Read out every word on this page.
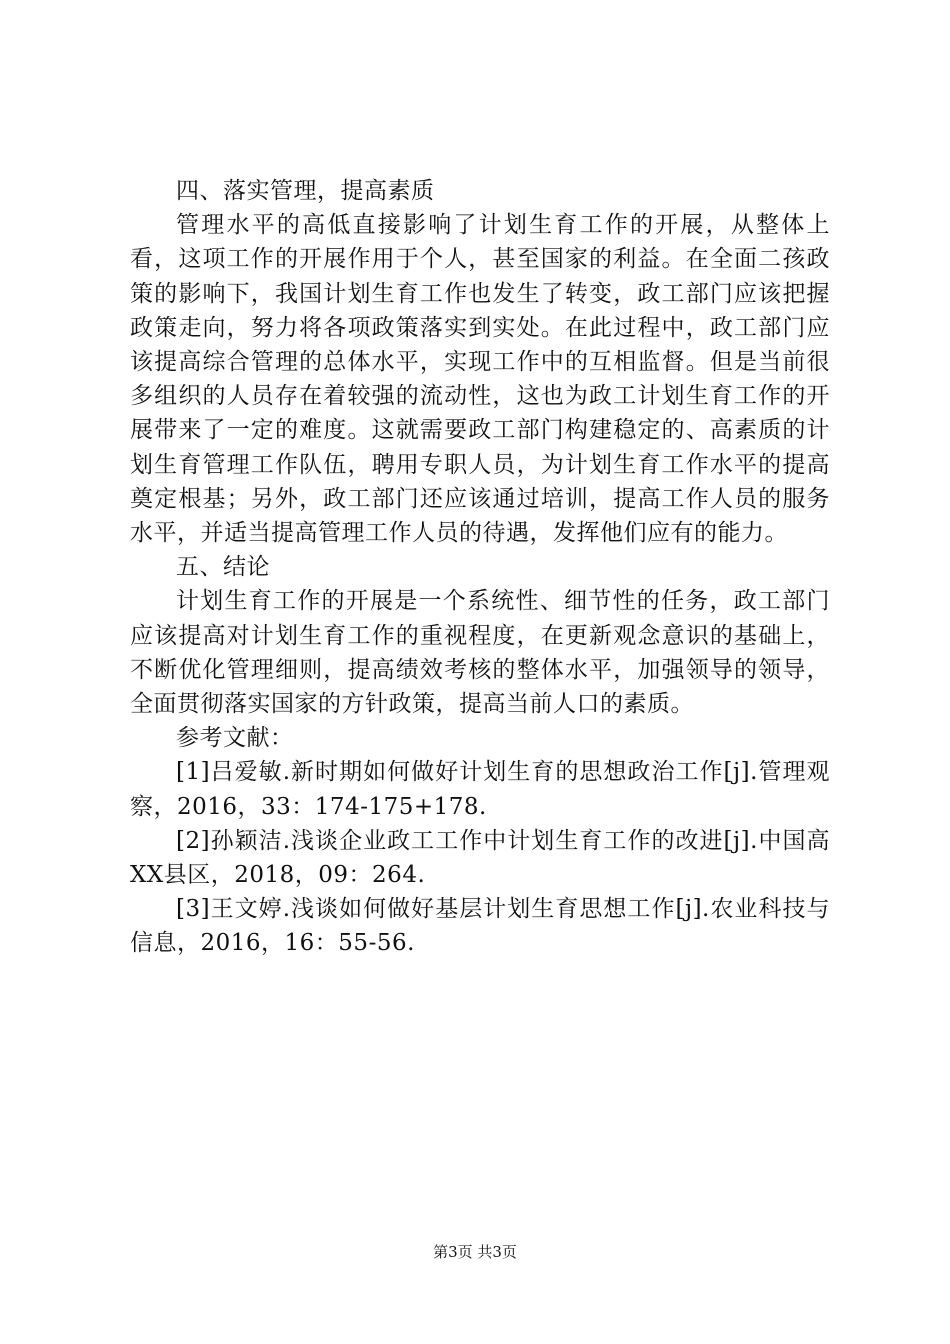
四、落实管理，提高素质

管理水平的高低直接影响了计划生育工作的开展，从整体上看，这项工作的开展作用于个人，甚至国家的利益。在全面二孩政策的影响下，我国计划生育工作也发生了转变，政工部门应该把握政策走向，努力将各项政策落实到实处。在此过程中，政工部门应该提高综合管理的总体水平，实现工作中的互相监督。但是当前很多组织的人员存在着较强的流动性，这也为政工计划生育工作的开展带来了一定的难度。这就需要政工部门构建稳定的、高素质的计划生育管理工作队伍，聘用专职人员，为计划生育工作水平的提高奠定根基；另外，政工部门还应该通过培训，提高工作人员的服务水平，并适当提高管理工作人员的待遇，发挥他们应有的能力。

五、结论

计划生育工作的开展是一个系统性、细节性的任务，政工部门应该提高对计划生育工作的重视程度，在更新观念意识的基础上，不断优化管理细则，提高绩效考核的整体水平，加强领导的领导，全面贯彻落实国家的方针政策，提高当前人口的素质。

参考文献：

[1]吕爱敏.新时期如何做好计划生育的思想政治工作[j].管理观察，2016，33：174-175+178.

[2]孙颖洁.浅谈企业政工工作中计划生育工作的改进[j].中国高XX县区，2018，09：264.

[3]王文婷.浅谈如何做好基层计划生育思想工作[j].农业科技与信息，2016，16：55-56.

第3页 共3页
